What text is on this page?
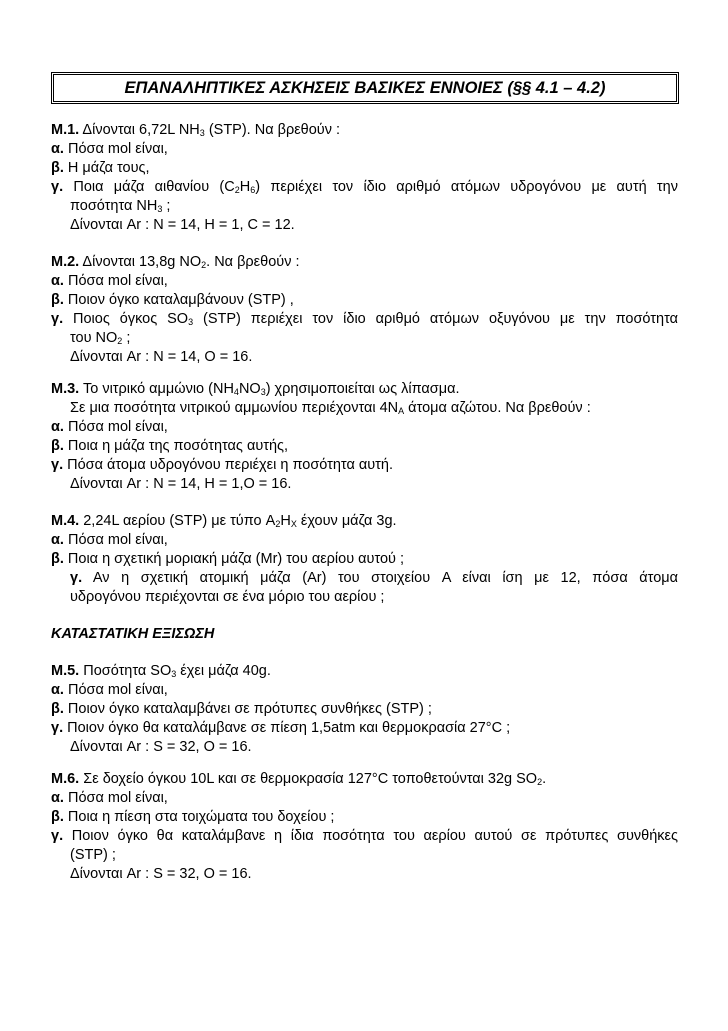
ΕΠΑΝΑΛΗΠΤΙΚΕΣ ΑΣΚΗΣΕΙΣ ΒΑΣΙΚΕΣ ΕΝΝΟΙΕΣ (§§ 4.1 – 4.2)
Μ.1. Δίνονται 6,72L NH3 (STP). Να βρεθούν :
α. Πόσα mol είναι,
β. Η μάζα τους,
γ. Ποια μάζα αιθανίου (C2H6) περιέχει τον ίδιο αριθμό ατόμων υδρογόνου με αυτή την
ποσότητα NH3 ;
Δίνονται Ar : N = 14, H = 1, C = 12.
Μ.2. Δίνονται 13,8g NO2. Να βρεθούν :
α. Πόσα mol είναι,
β. Ποιον όγκο καταλαμβάνουν (STP) ,
γ. Ποιος όγκος SO3 (STP) περιέχει τον ίδιο αριθμό ατόμων οξυγόνου με την ποσότητα
του NO2 ;
Δίνονται Ar : N = 14, O = 16.
Μ.3. Το νιτρικό αμμώνιο (NH4NO3) χρησιμοποιείται ως λίπασμα.
Σε μια ποσότητα νιτρικού αμμωνίου περιέχονται 4NA άτομα αζώτου. Να βρεθούν :
α. Πόσα mol είναι,
β. Ποια η μάζα της ποσότητας αυτής,
γ. Πόσα άτομα υδρογόνου περιέχει η ποσότητα αυτή.
Δίνονται Ar : N = 14, H = 1,O = 16.
Μ.4. 2,24L αερίου (STP) με τύπο A2HX έχουν μάζα 3g.
α. Πόσα mol είναι,
β. Ποια η σχετική μοριακή μάζα (Mr) του αερίου αυτού ;
γ. Αν η σχετική ατομική μάζα (Ar) του στοιχείου A είναι ίση με 12, πόσα άτομα
υδρογόνου περιέχονται σε ένα μόριο του αερίου ;
ΚΑΤΑΣΤΑΤΙΚΗ ΕΞΙΣΩΣΗ
Μ.5. Ποσότητα SO3 έχει μάζα 40g.
α. Πόσα mol είναι,
β. Ποιον όγκο καταλαμβάνει σε πρότυπες συνθήκες (STP) ;
γ. Ποιον όγκο θα καταλάμβανε σε πίεση 1,5atm και θερμοκρασία 27°C ;
Δίνονται Ar : S = 32, O = 16.
Μ.6. Σε δοχείο όγκου 10L και σε θερμοκρασία 127°C τοποθετούνται 32g SO2.
α. Πόσα mol είναι,
β. Ποια η πίεση στα τοιχώματα του δοχείου ;
γ. Ποιον όγκο θα καταλάμβανε η ίδια ποσότητα του αερίου αυτού σε πρότυπες συνθήκες
(STP) ;
Δίνονται Ar : S = 32, O = 16.
